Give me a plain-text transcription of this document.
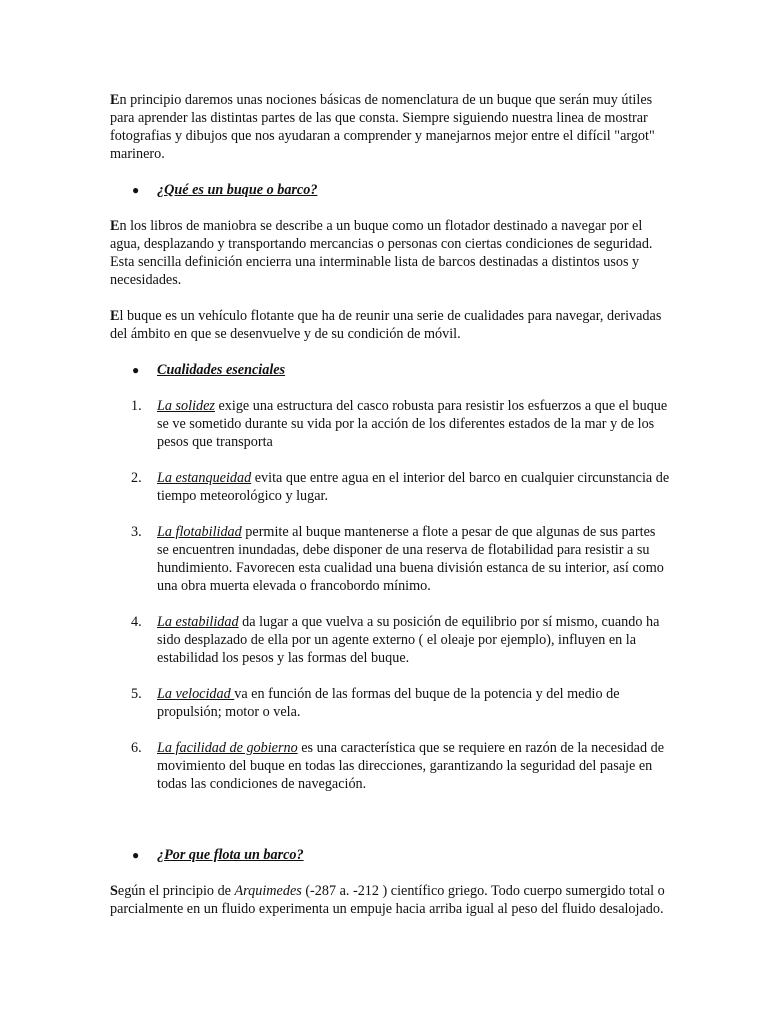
En principio daremos unas nociones básicas de nomenclatura de un buque que serán muy útiles para aprender las distintas partes de las que consta. Siempre siguiendo nuestra linea de mostrar fotografias y dibujos que nos ayudaran a comprender y manejarnos mejor entre el difícil "argot" marinero.

●	¿Qué es un buque o barco?

En los libros de maniobra se describe a un buque como un flotador destinado a navegar por el agua, desplazando y transportando mercancias o personas con ciertas condiciones de seguridad. Esta sencilla definición encierra una interminable lista de barcos destinadas a distintos usos y necesidades.

El buque es un vehículo flotante que ha de reunir una serie de cualidades para navegar, derivadas del ámbito en que se desenvuelve y de su condición de móvil.

●	Cualidades esenciales
1.	La solidez exige una estructura del casco robusta para resistir los esfuerzos a que el buque se ve sometido durante su vida por la acción de los diferentes estados de la mar y de los pesos que transporta
2.	La estanqueidad evita que entre agua en el interior del barco en cualquier circunstancia de tiempo meteorológico y lugar.
3.	La flotabilidad permite al buque mantenerse a flote a pesar de que algunas de sus partes se encuentren inundadas, debe disponer de una reserva de flotabilidad para resistir a su hundimiento. Favorecen esta cualidad una buena división estanca de su interior, así como una obra muerta elevada o francobordo mínimo.
4.	La estabilidad da lugar a que vuelva a su posición de equilibrio por sí mismo, cuando ha sido desplazado de ella por un agente externo ( el oleaje por ejemplo), influyen en la estabilidad los pesos y las formas del buque.
5.	La velocidad va en función de las formas del buque de la potencia y del medio de propulsión; motor o vela.
6.	La facilidad de gobierno es una característica que se requiere en razón de la necesidad de movimiento del buque en todas las direcciones, garantizando la seguridad del pasaje en todas las condiciones de navegación.
●	¿Por que flota un barco?

Según el principio de Arquimedes (-287 a. -212 ) científico griego. Todo cuerpo sumergido total o parcialmente en un fluido experimenta un empuje hacia arriba igual al peso del fluido desalojado.
